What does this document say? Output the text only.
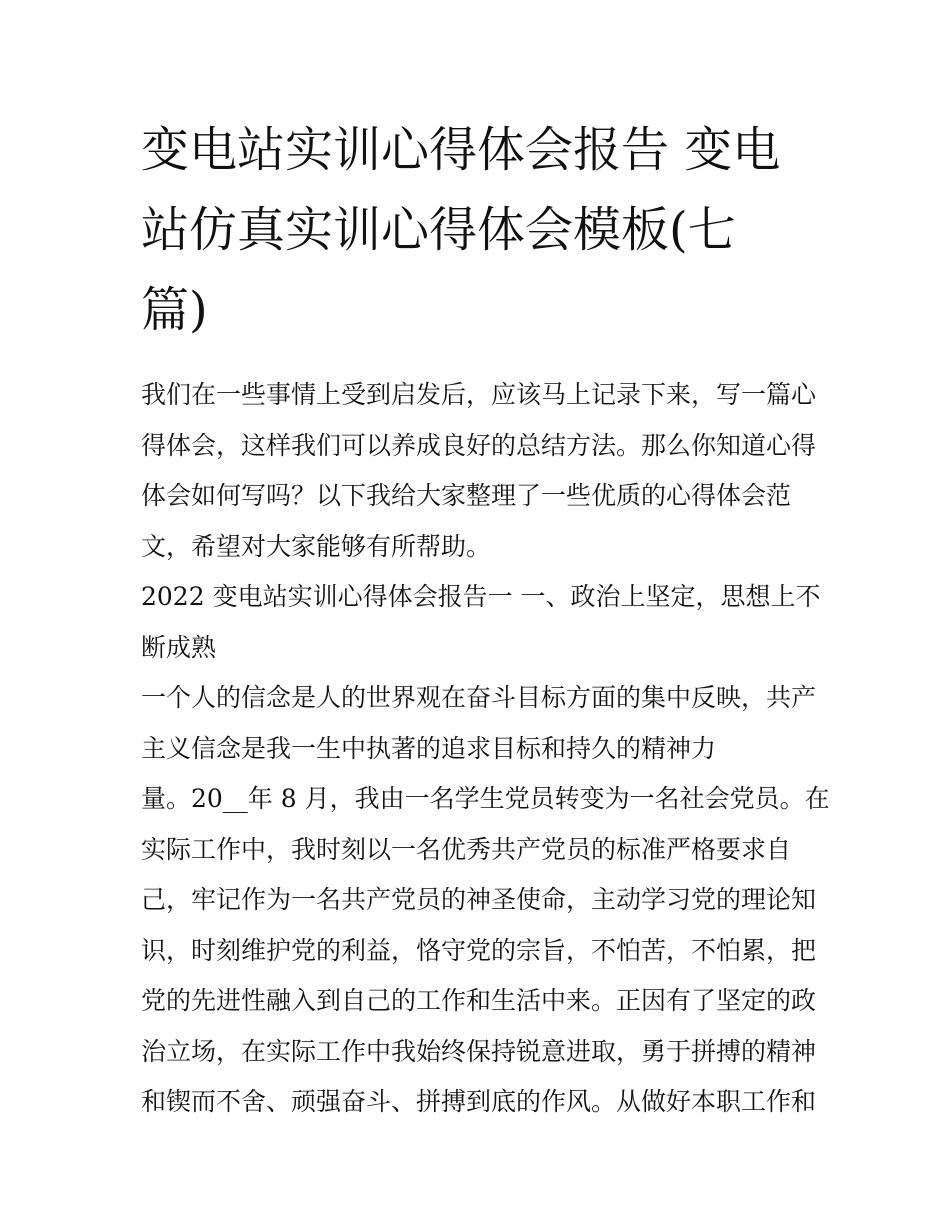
变电站实训心得体会报告 变电
站仿真实训心得体会模板(七
篇)

我们在一些事情上受到启发后，应该马上记录下来，写一篇心
得体会，这样我们可以养成良好的总结方法。那么你知道心得
体会如何写吗？以下我给大家整理了一些优质的心得体会范
文，希望对大家能够有所帮助。

2022 变电站实训心得体会报告一 一、政治上坚定，思想上不
断成熟

一个人的信念是人的世界观在奋斗目标方面的集中反映，共产
主义信念是我一生中执著的追求目标和持久的精神力
量。20__年 8 月，我由一名学生党员转变为一名社会党员。在
实际工作中，我时刻以一名优秀共产党员的标准严格要求自
己，牢记作为一名共产党员的神圣使命，主动学习党的理论知
识，时刻维护党的利益，恪守党的宗旨，不怕苦，不怕累，把
党的先进性融入到自己的工作和生活中来。正因有了坚定的政
治立场，在实际工作中我始终保持锐意进取，勇于拼搏的精神
和锲而不舍、顽强奋斗、拼搏到底的作风。从做好本职工作和
